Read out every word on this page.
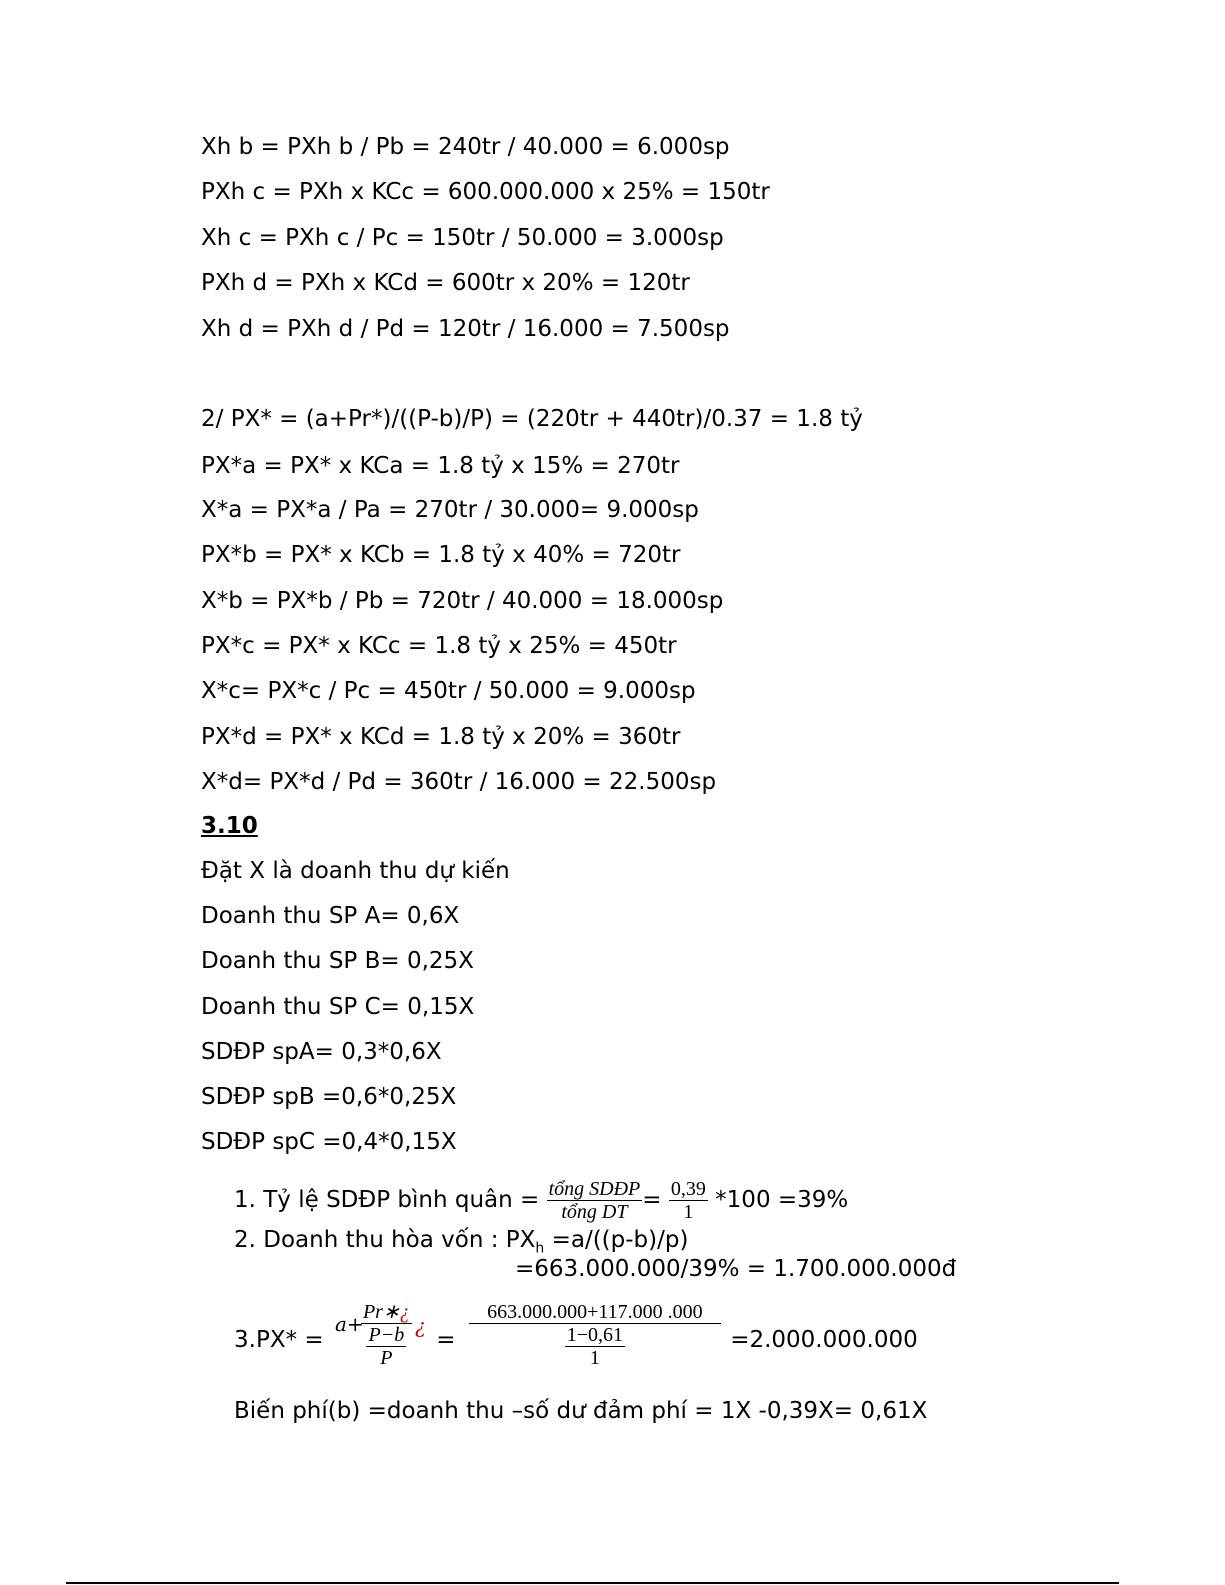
Xh b = PXh b / Pb = 240tr / 40.000 = 6.000sp
PXh c = PXh x KCc = 600.000.000 x 25% = 150tr
Xh c = PXh c / Pc = 150tr / 50.000 = 3.000sp
PXh d = PXh x KCd = 600tr x 20% = 120tr
Xh d = PXh d / Pd = 120tr / 16.000 = 7.500sp
2/ PX* = (a+Pr*)/((P-b)/P) = (220tr + 440tr)/0.37 = 1.8 tỷ
PX*a = PX* x KCa = 1.8 tỷ x 15% = 270tr
X*a = PX*a / Pa = 270tr / 30.000= 9.000sp
PX*b = PX* x KCb = 1.8 tỷ x 40% = 720tr
X*b = PX*b / Pb = 720tr / 40.000 = 18.000sp
PX*c = PX* x KCc = 1.8 tỷ x 25% = 450tr
X*c= PX*c / Pc = 450tr / 50.000 = 9.000sp
PX*d = PX* x KCd = 1.8 tỷ x 20% = 360tr
X*d= PX*d / Pd = 360tr / 16.000 = 22.500sp
3.10
Đặt X là doanh thu dự kiến
Doanh thu SP A= 0,6X
Doanh thu SP B= 0,25X
Doanh thu SP C= 0,15X
SDĐP spA= 0,3*0,6X
SDĐP spB =0,6*0,25X
SDĐP spC =0,4*0,15X
1. Tỷ lệ SDĐP bình quân = $\frac{\text{tổng SDĐP}}{\text{tổng DT}} = \frac{0,39}{1} *100 =39\%$
2. Doanh thu hòa vốn : $PX_h =a/((p-b)/p)$
=663.000.000/39% = 1.700.000.000đ
3.PX* =
a+
$\frac{Pr∗¿}{\frac{P-b}{P}}$ ¿
= $\frac{663.000.000+117.000 .000}{\frac{1-0,61}{1}} =2.000.000.000$
Biến phí(b) =doanh thu –số dư đảm phí = 1X -0,39X= 0,61X
